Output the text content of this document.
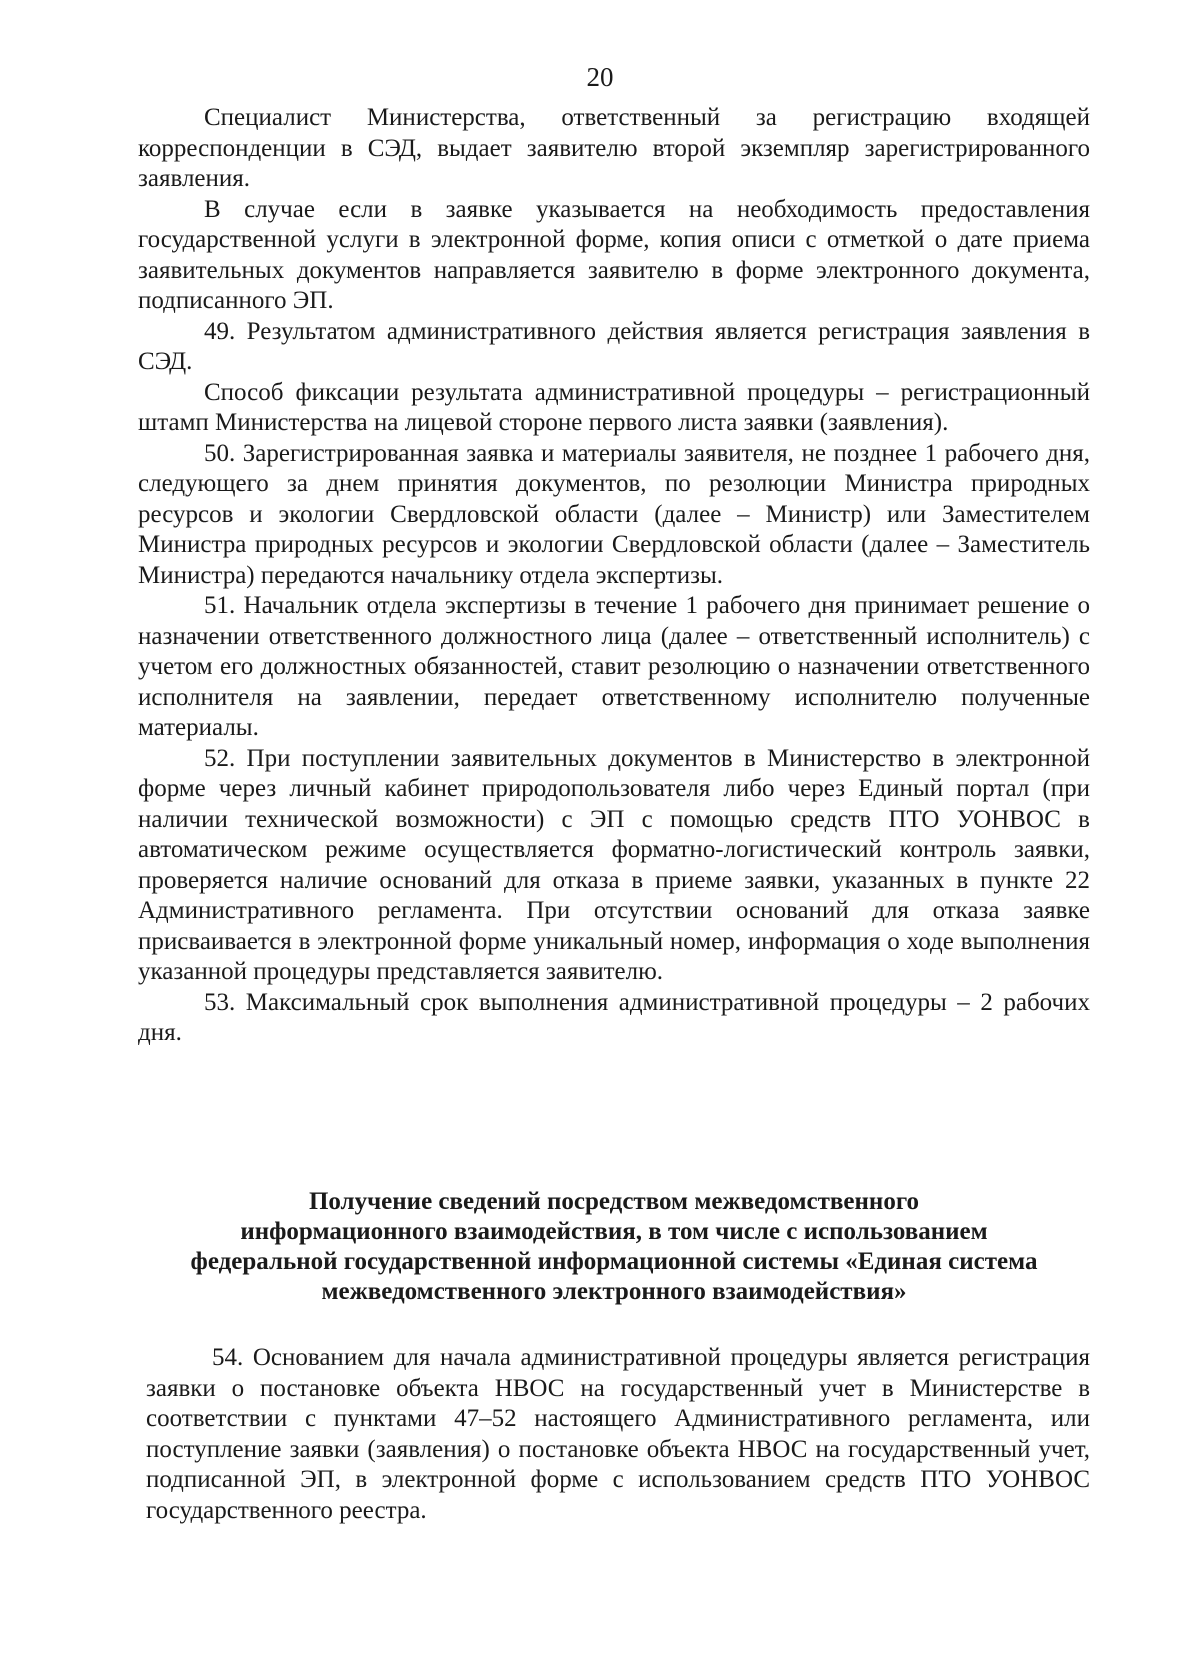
20

Специалист Министерства, ответственный за регистрацию входящей корреспонденции в СЭД, выдает заявителю второй экземпляр зарегистрированного заявления.

В случае если в заявке указывается на необходимость предоставления государственной услуги в электронной форме, копия описи с отметкой о дате приема заявительных документов направляется заявителю в форме электронного документа, подписанного ЭП.

49. Результатом административного действия является регистрация заявления в СЭД.

Способ фиксации результата административной процедуры – регистрационный штамп Министерства на лицевой стороне первого листа заявки (заявления).

50. Зарегистрированная заявка и материалы заявителя, не позднее 1 рабочего дня, следующего за днем принятия документов, по резолюции Министра природных ресурсов и экологии Свердловской области (далее – Министр) или Заместителем Министра природных ресурсов и экологии Свердловской области (далее – Заместитель Министра) передаются начальнику отдела экспертизы.

51. Начальник отдела экспертизы в течение 1 рабочего дня принимает решение о назначении ответственного должностного лица (далее – ответственный исполнитель) с учетом его должностных обязанностей, ставит резолюцию о назначении ответственного исполнителя на заявлении, передает ответственному исполнителю полученные материалы.

52. При поступлении заявительных документов в Министерство в электронной форме через личный кабинет природопользователя либо через Единый портал (при наличии технической возможности) с ЭП с помощью средств ПТО УОНВОС в автоматическом режиме осуществляется форматно-логистический контроль заявки, проверяется наличие оснований для отказа в приеме заявки, указанных в пункте 22 Административного регламента. При отсутствии оснований для отказа заявке присваивается в электронной форме уникальный номер, информация о ходе выполнения указанной процедуры представляется заявителю.

53. Максимальный срок выполнения административной процедуры – 2 рабочих дня.

Получение сведений посредством межведомственного
информационного взаимодействия, в том числе с использованием
федеральной государственной информационной системы «Единая система
межведомственного электронного взаимодействия»

54. Основанием для начала административной процедуры является регистрация заявки о постановке объекта НВОС на государственный учет в Министерстве в соответствии с пунктами 47–52 настоящего Административного регламента, или поступление заявки (заявления) о постановке объекта НВОС на государственный учет, подписанной ЭП, в электронной форме с использованием средств ПТО УОНВОС государственного реестра.
